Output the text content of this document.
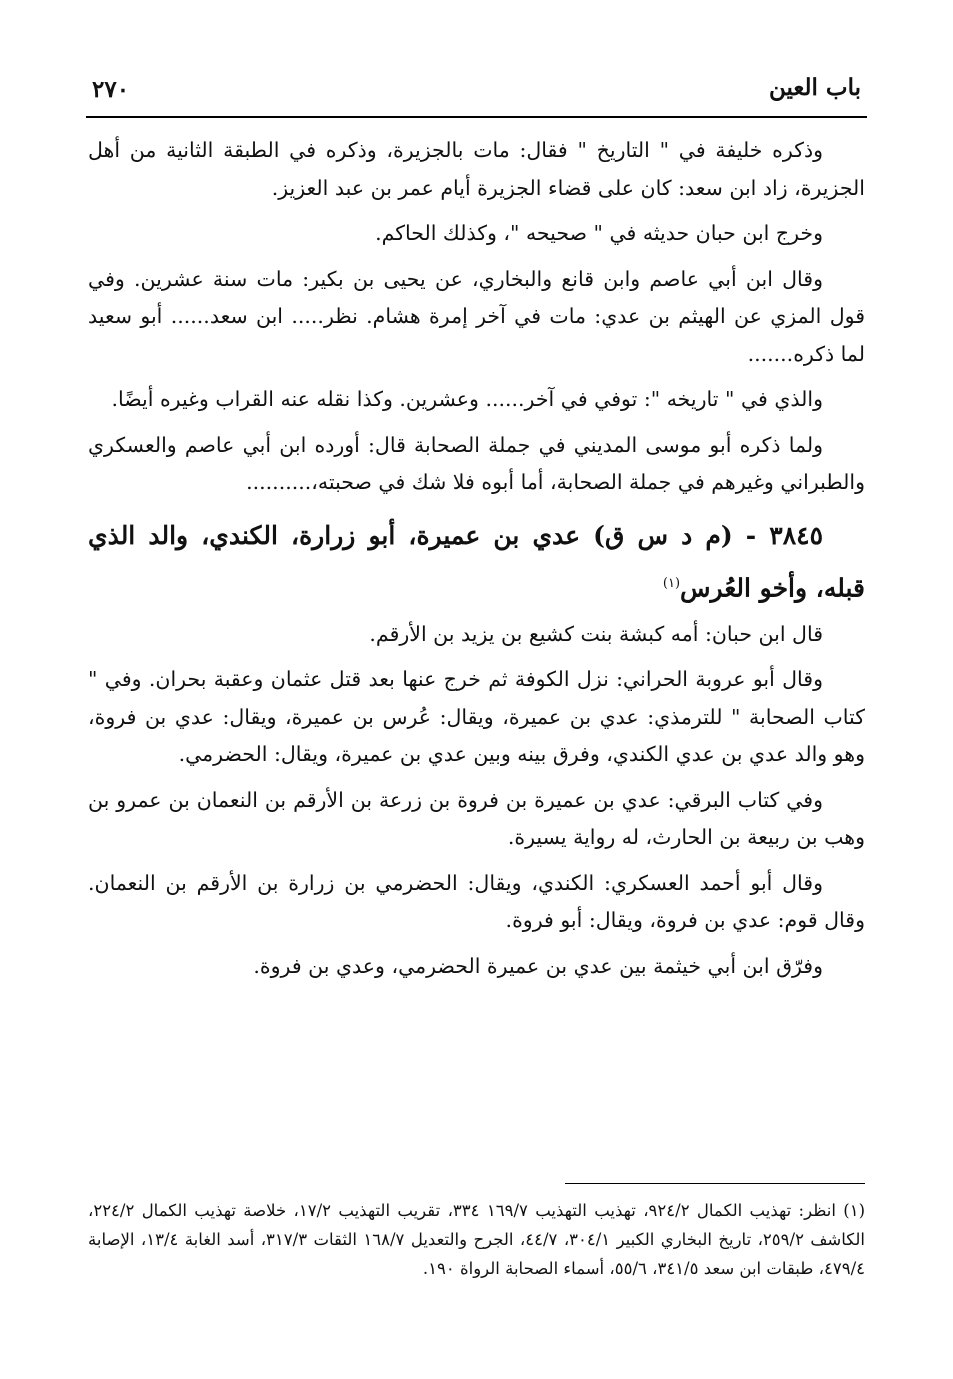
باب العين
٢٧٠

وذكره خليفة في " التاريخ " فقال: مات بالجزيرة، وذكره في الطبقة الثانية من أهل الجزيرة، زاد ابن سعد: كان على قضاء الجزيرة أيام عمر بن عبد العزيز.

وخرج ابن حبان حديثه في " صحيحه "، وكذلك الحاكم.

وقال ابن أبي عاصم وابن قانع والبخاري، عن يحيى بن بكير: مات سنة عشرين. وفي قول المزي عن الهيثم بن عدي: مات في آخر إمرة هشام. نظر..... ابن سعد...... أبو سعيد لما ذكره.......

والذي في " تاريخه ": توفي في آخر...... وعشرين. وكذا نقله عنه القراب وغيره أيضًا.

ولما ذكره أبو موسى المديني في جملة الصحابة قال: أورده ابن أبي عاصم والعسكري والطبراني وغيرهم في جملة الصحابة، أما أبوه فلا شك في صحبته،..........

٣٨٤٥ - (م د س ق) عدي بن عميرة، أبو زرارة، الكندي، والد الذي قبله، وأخو العُرس$^{(١)}$

قال ابن حبان: أمه كبشة بنت كشيع بن يزيد بن الأرقم.

وقال أبو عروبة الحراني: نزل الكوفة ثم خرج عنها بعد قتل عثمان وعقبة بحران. وفي " كتاب الصحابة " للترمذي: عدي بن عميرة، ويقال: عُرس بن عميرة، ويقال: عدي بن فروة، وهو والد عدي بن عدي الكندي، وفرق بينه وبين عدي بن عميرة، ويقال: الحضرمي.

وفي كتاب البرقي: عدي بن عميرة بن فروة بن زرعة بن الأرقم بن النعمان بن عمرو بن وهب بن ربيعة بن الحارث، له رواية يسيرة.

وقال أبو أحمد العسكري: الكندي، ويقال: الحضرمي بن زرارة بن الأرقم بن النعمان. وقال قوم: عدي بن فروة، ويقال: أبو فروة.

وفرّق ابن أبي خيثمة بين عدي بن عميرة الحضرمي، وعدي بن فروة.

(١) انظر: تهذيب الكمال ٩٢٤/٢، تهذيب التهذيب ١٦٩/٧ ٣٣٤، تقريب التهذيب ١٧/٢، خلاصة تهذيب الكمال ٢٢٤/٢، الكاشف ٢٥٩/٢، تاريخ البخاري الكبير ٣٠٤/١، ٤٤/٧، الجرح والتعديل ١٦٨/٧ الثقات ٣١٧/٣، أسد الغابة ١٣/٤، الإصابة ٤٧٩/٤، طبقات ابن سعد ٣٤١/٥، ٥٥/٦، أسماء الصحابة الرواة ١٩٠.
